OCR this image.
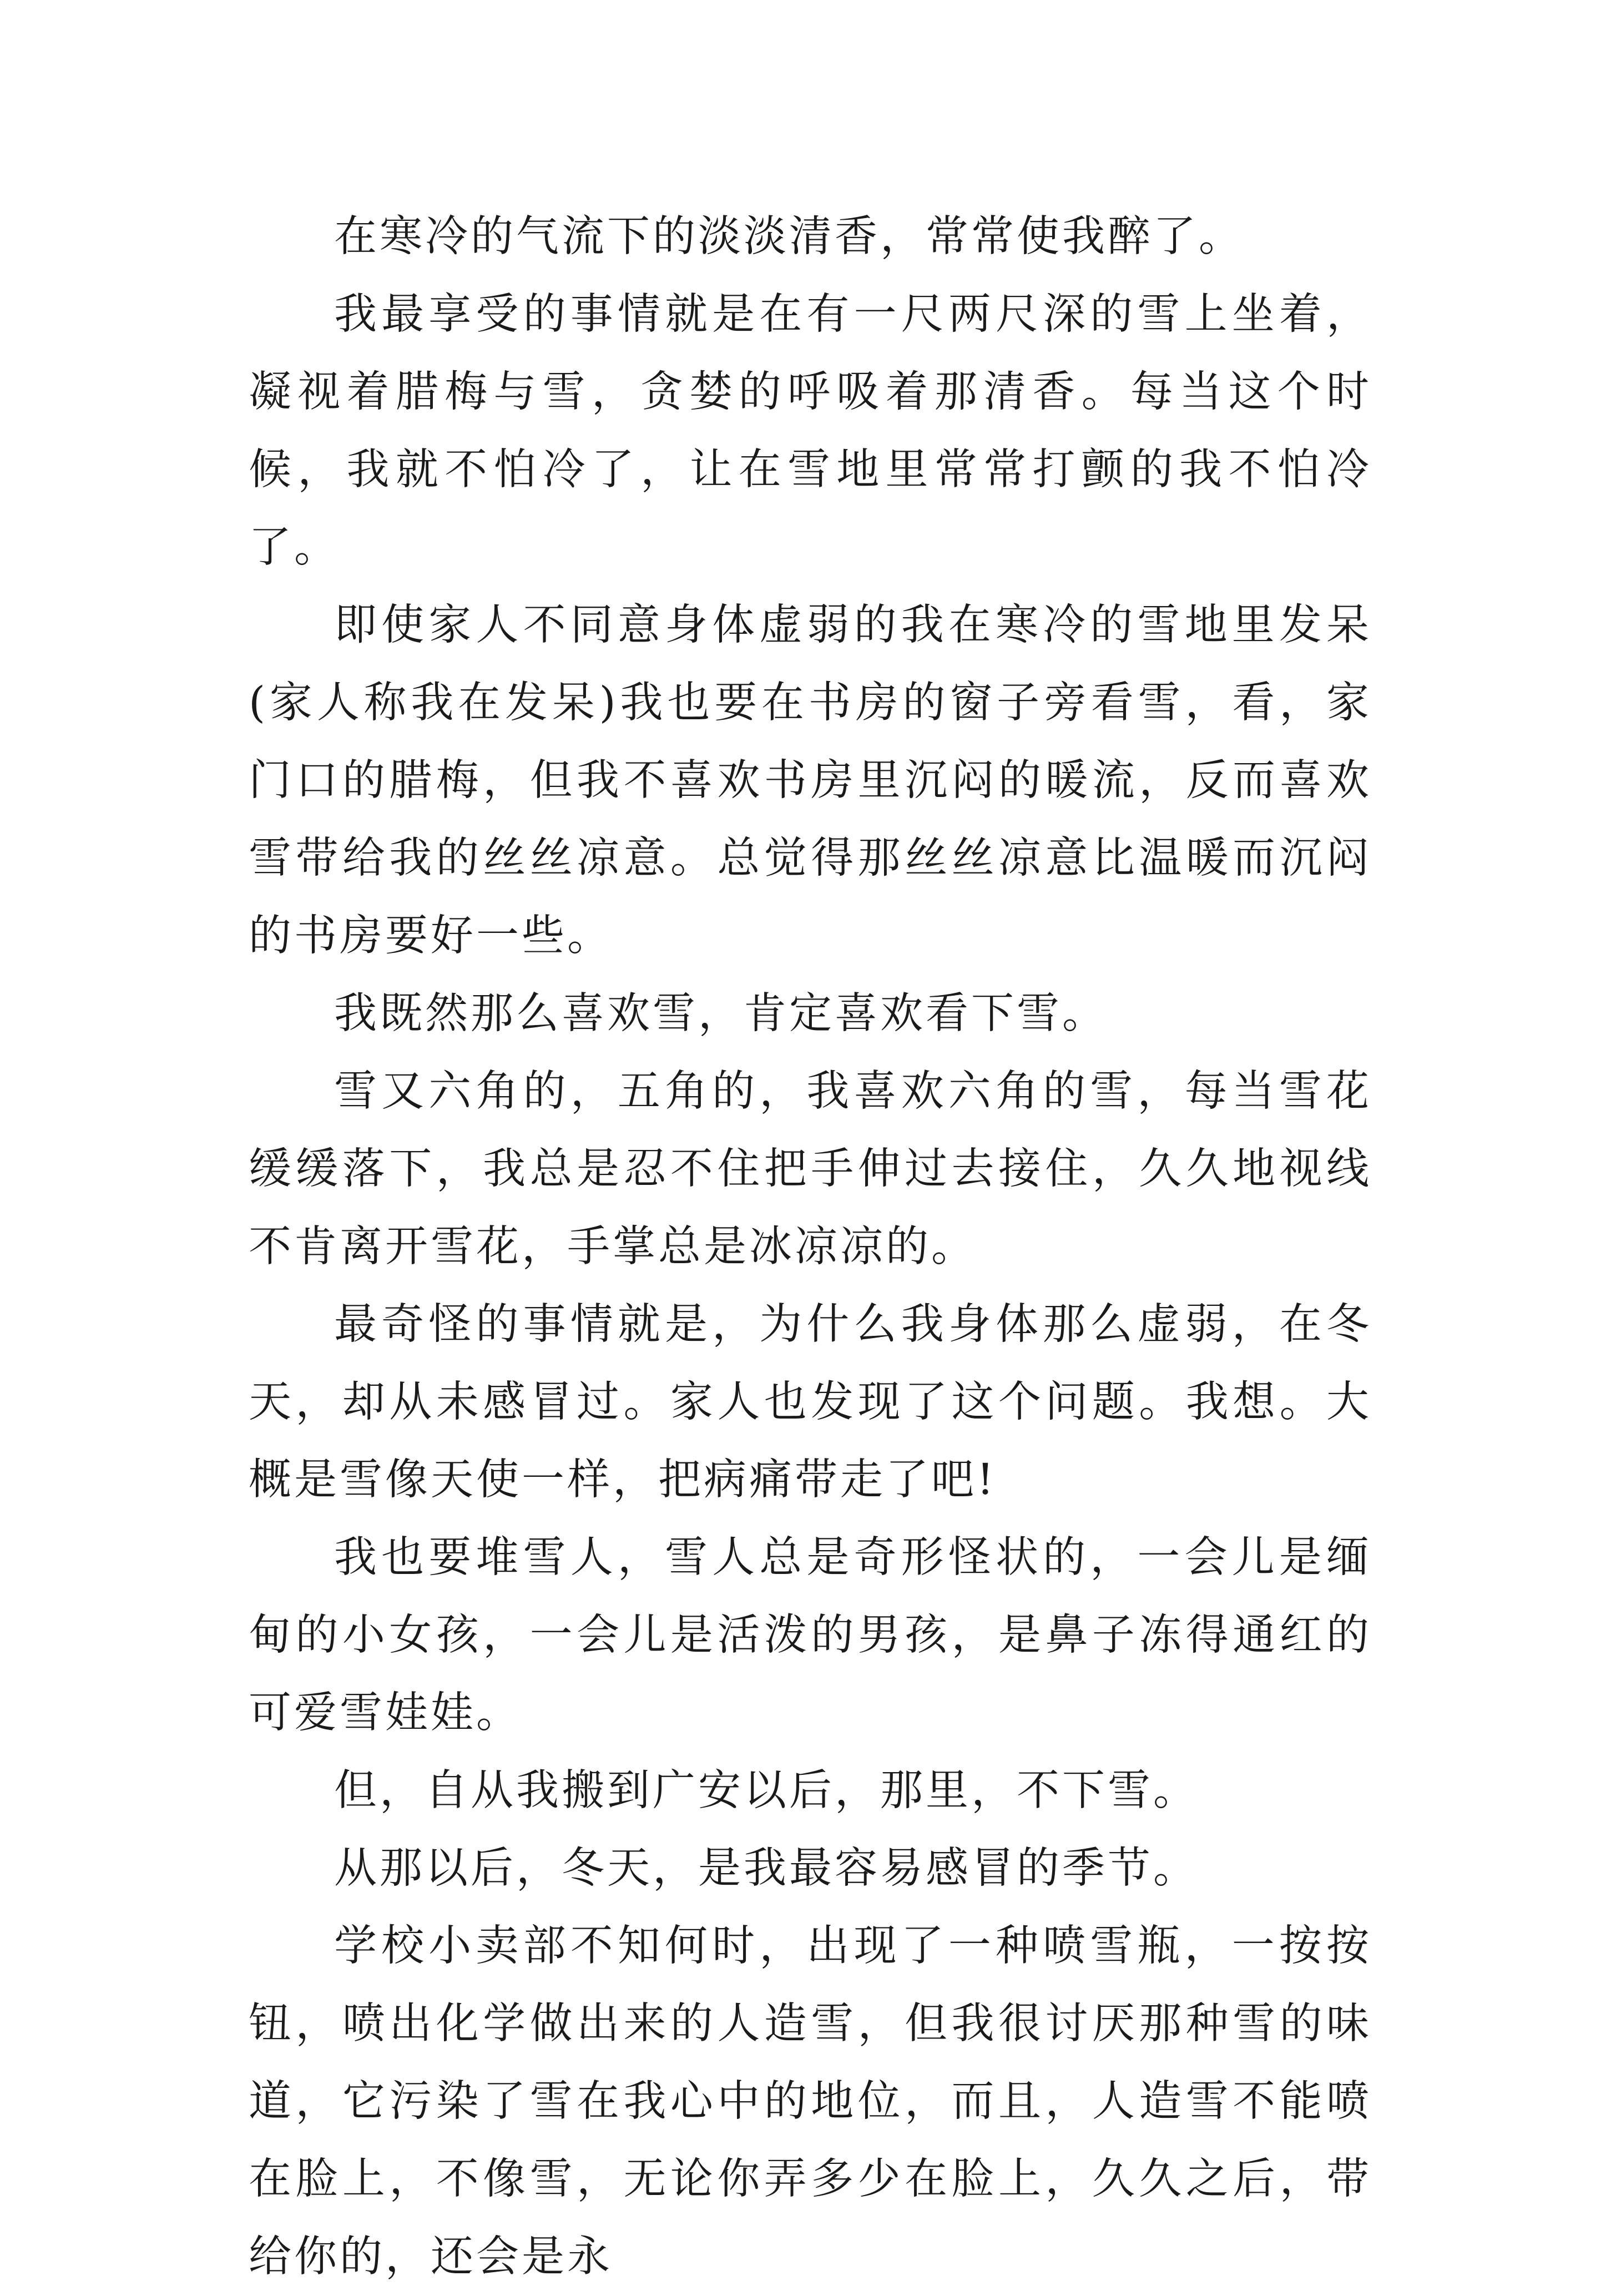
在寒冷的气流下的淡淡清香，常常使我醉了。

我最享受的事情就是在有一尺两尺深的雪上坐着，凝视着腊梅与雪，贪婪的呼吸着那清香。每当这个时候，我就不怕冷了，让在雪地里常常打颤的我不怕冷了。

即使家人不同意身体虚弱的我在寒冷的雪地里发呆(家人称我在发呆)我也要在书房的窗子旁看雪，看，家门口的腊梅，但我不喜欢书房里沉闷的暖流，反而喜欢雪带给我的丝丝凉意。总觉得那丝丝凉意比温暖而沉闷的书房要好一些。

我既然那么喜欢雪，肯定喜欢看下雪。

雪又六角的，五角的，我喜欢六角的雪，每当雪花缓缓落下，我总是忍不住把手伸过去接住，久久地视线不肯离开雪花，手掌总是冰凉凉的。

最奇怪的事情就是，为什么我身体那么虚弱，在冬天，却从未感冒过。家人也发现了这个问题。我想。大概是雪像天使一样，把病痛带走了吧!

我也要堆雪人，雪人总是奇形怪状的，一会儿是缅甸的小女孩，一会儿是活泼的男孩，是鼻子冻得通红的可爱雪娃娃。

但，自从我搬到广安以后，那里，不下雪。

从那以后，冬天，是我最容易感冒的季节。

学校小卖部不知何时，出现了一种喷雪瓶，一按按钮，喷出化学做出来的人造雪，但我很讨厌那种雪的味道，它污染了雪在我心中的地位，而且，人造雪不能喷在脸上，不像雪，无论你弄多少在脸上，久久之后，带给你的，还会是永
